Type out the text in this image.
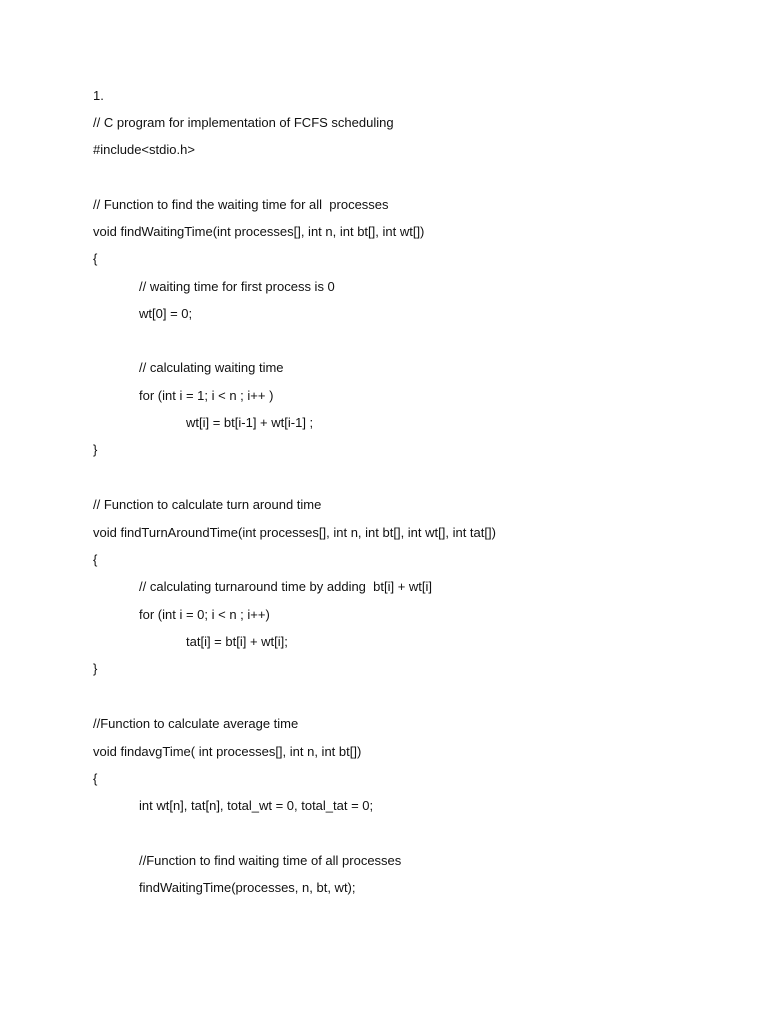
1.
// C program for implementation of FCFS scheduling
#include<stdio.h>
// Function to find the waiting time for all  processes
void findWaitingTime(int processes[], int n, int bt[], int wt[])
{
// waiting time for first process is 0
wt[0] = 0;
// calculating waiting time
for (int i = 1; i < n ; i++ )
wt[i] = bt[i-1] + wt[i-1] ;
}
// Function to calculate turn around time
void findTurnAroundTime(int processes[], int n, int bt[], int wt[], int tat[])
{
// calculating turnaround time by adding  bt[i] + wt[i]
for (int i = 0; i < n ; i++)
tat[i] = bt[i] + wt[i];
}
//Function to calculate average time
void findavgTime( int processes[], int n, int bt[])
{
int wt[n], tat[n], total_wt = 0, total_tat = 0;
//Function to find waiting time of all processes
findWaitingTime(processes, n, bt, wt);
